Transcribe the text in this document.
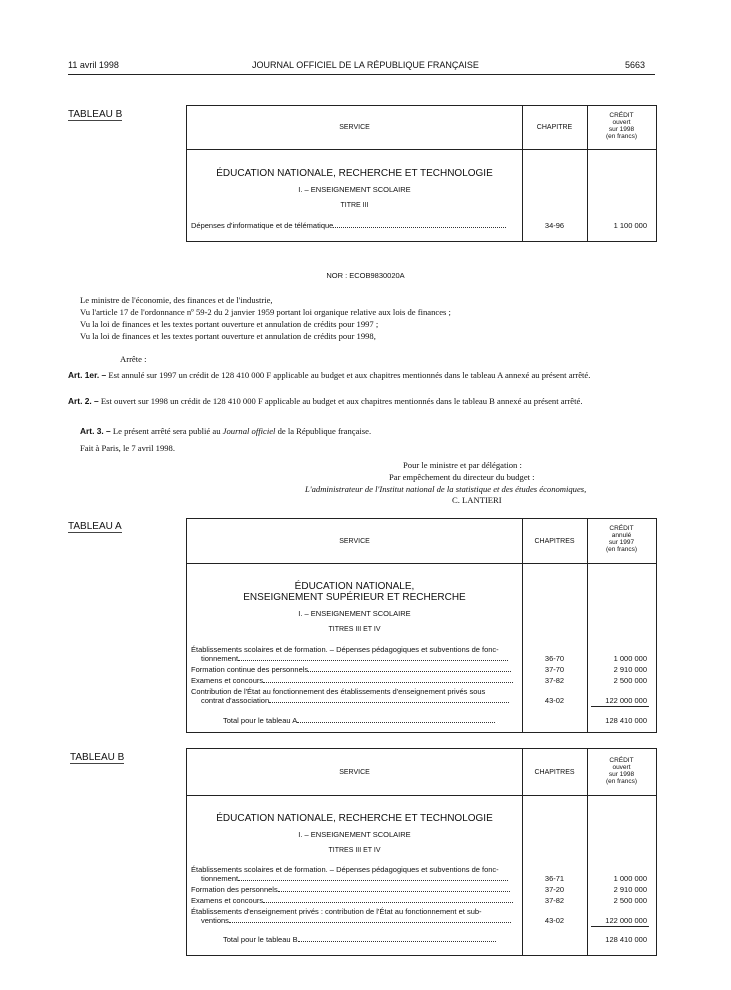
11 avril 1998	JOURNAL OFFICIEL DE LA RÉPUBLIQUE FRANÇAISE	5663
TABLEAU B
SERVICE	CHAPITRE
CRÉDIT
ouvert
sur 1998
(en francs)
ÉDUCATION NATIONALE, RECHERCHE ET TECHNOLOGIE
I. – ENSEIGNEMENT SCOLAIRE
TITRE III
Dépenses d'informatique et de télématique	34-96	1 100 000
NOR : ECOB9830020A
Le ministre de l'économie, des finances et de l'industrie,
Vu l'article 17 de l'ordonnance nº 59-2 du 2 janvier 1959 portant loi organique relative aux lois de finances ;
Vu la loi de finances et les textes portant ouverture et annulation de crédits pour 1997 ;
Vu la loi de finances et les textes portant ouverture et annulation de crédits pour 1998,
Arrête :
Art. 1er. – Est annulé sur 1997 un crédit de 128 410 000 F applicable au budget et aux chapitres mentionnés dans le tableau A annexé au présent arrêté.
Art. 2. – Est ouvert sur 1998 un crédit de 128 410 000 F applicable au budget et aux chapitres mentionnés dans le tableau B annexé au présent arrêté.
Art. 3. – Le présent arrêté sera publié au Journal officiel de la République française.
Fait à Paris, le 7 avril 1998.
Pour le ministre et par délégation :
Par empêchement du directeur du budget :
L'administrateur de l'Institut national de la statistique et des études économiques,
C. LANTIERI
TABLEAU A
SERVICE	CHAPITRES
CRÉDIT
annulé
sur 1997
(en francs)
ÉDUCATION NATIONALE,
ENSEIGNEMENT SUPÉRIEUR ET RECHERCHE
I. – ENSEIGNEMENT SCOLAIRE
TITRES III ET IV
Établissements scolaires et de formation. – Dépenses pédagogiques et subventions de fonc-
tionnement	36-70	1 000 000
Formation continue des personnels	37-70	2 910 000
Examens et concours	37-82	2 500 000
Contribution de l'État au fonctionnement des établissements d'enseignement privés sous
contrat d'association	43-02	122 000 000
Total pour le tableau A	128 410 000
TABLEAU B
SERVICE	CHAPITRES
CRÉDIT
ouvert
sur 1998
(en francs)
ÉDUCATION NATIONALE, RECHERCHE ET TECHNOLOGIE
I. – ENSEIGNEMENT SCOLAIRE
TITRES III ET IV
Établissements scolaires et de formation. – Dépenses pédagogiques et subventions de fonc-
tionnement	36-71	1 000 000
Formation des personnels	37-20	2 910 000
Examens et concours	37-82	2 500 000
Établissements d'enseignement privés : contribution de l'État au fonctionnement et sub-
ventions	43-02	122 000 000
Total pour le tableau B	128 410 000
